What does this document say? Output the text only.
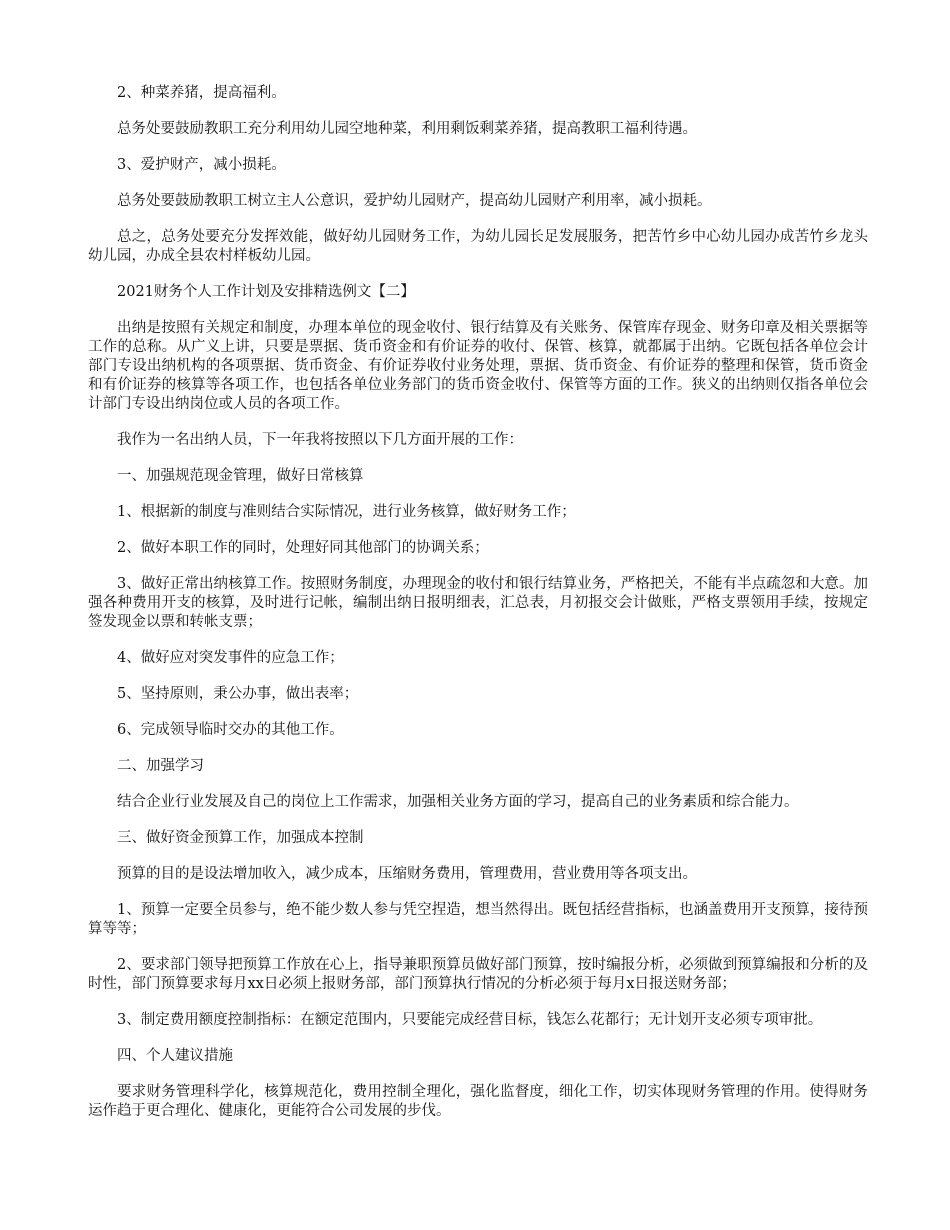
2、种菜养猪，提高福利。

总务处要鼓励教职工充分利用幼儿园空地种菜，利用剩饭剩菜养猪，提高教职工福利待遇。

3、爱护财产，减小损耗。

总务处要鼓励教职工树立主人公意识，爱护幼儿园财产，提高幼儿园财产利用率，减小损耗。

总之，总务处要充分发挥效能，做好幼儿园财务工作，为幼儿园长足发展服务，把苦竹乡中心幼儿园办成苦竹乡龙头幼儿园，办成全县农村样板幼儿园。

2021财务个人工作计划及安排精选例文【二】

出纳是按照有关规定和制度，办理本单位的现金收付、银行结算及有关账务、保管库存现金、财务印章及相关票据等工作的总称。从广义上讲，只要是票据、货币资金和有价证券的收付、保管、核算，就都属于出纳。它既包括各单位会计部门专设出纳机构的各项票据、货币资金、有价证券收付业务处理，票据、货币资金、有价证券的整理和保管，货币资金和有价证券的核算等各项工作，也包括各单位业务部门的货币资金收付、保管等方面的工作。狭义的出纳则仅指各单位会计部门专设出纳岗位或人员的各项工作。

我作为一名出纳人员，下一年我将按照以下几方面开展的工作：

一、加强规范现金管理，做好日常核算

1、根据新的制度与准则结合实际情况，进行业务核算，做好财务工作；

2、做好本职工作的同时，处理好同其他部门的协调关系；

3、做好正常出纳核算工作。按照财务制度，办理现金的收付和银行结算业务，严格把关，不能有半点疏忽和大意。加强各种费用开支的核算，及时进行记帐，编制出纳日报明细表，汇总表，月初报交会计做账，严格支票领用手续，按规定签发现金以票和转帐支票；

4、做好应对突发事件的应急工作；

5、坚持原则，秉公办事，做出表率；

6、完成领导临时交办的其他工作。

二、加强学习

结合企业行业发展及自己的岗位上工作需求，加强相关业务方面的学习，提高自己的业务素质和综合能力。

三、做好资金预算工作，加强成本控制

预算的目的是设法增加收入，减少成本，压缩财务费用，管理费用，营业费用等各项支出。

1、预算一定要全员参与，绝不能少数人参与凭空捏造，想当然得出。既包括经营指标，也涵盖费用开支预算，接待预算等等；

2、要求部门领导把预算工作放在心上，指导兼职预算员做好部门预算，按时编报分析，必须做到预算编报和分析的及时性，部门预算要求每月xx日必须上报财务部，部门预算执行情况的分析必须于每月x日报送财务部；

3、制定费用额度控制指标：在额定范围内，只要能完成经营目标，钱怎么花都行；无计划开支必须专项审批。

四、个人建议措施

要求财务管理科学化，核算规范化，费用控制全理化，强化监督度，细化工作，切实体现财务管理的作用。使得财务运作趋于更合理化、健康化，更能符合公司发展的步伐。
